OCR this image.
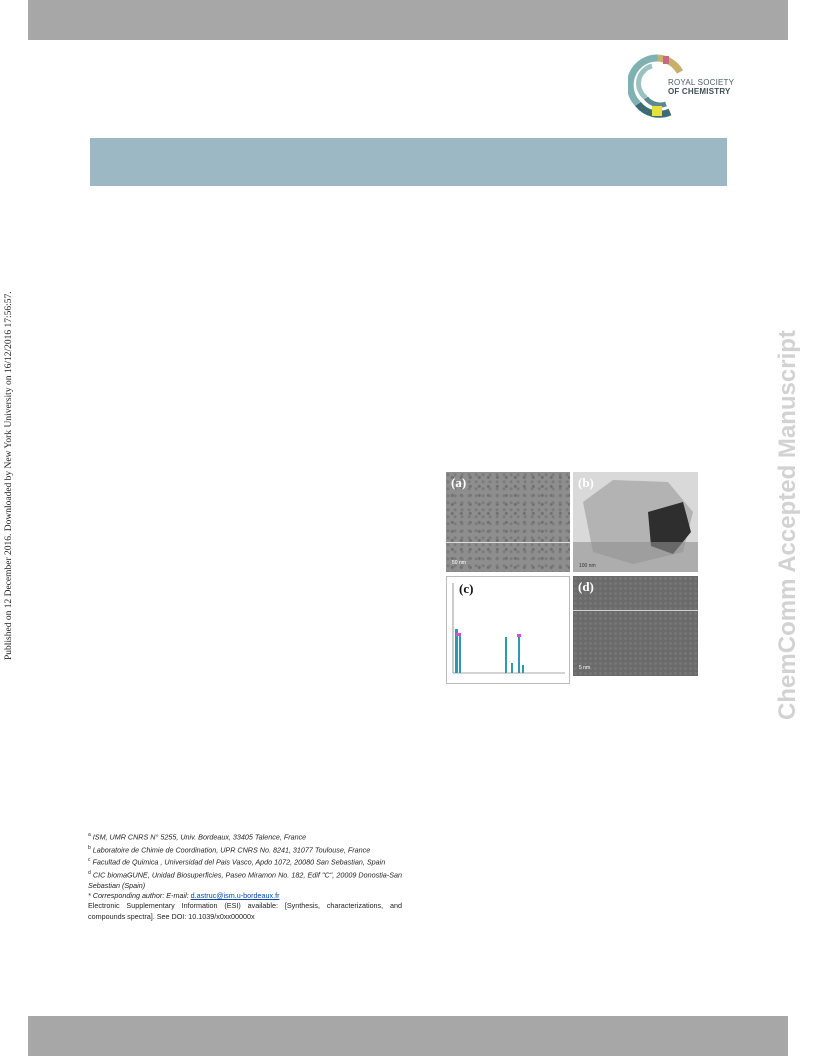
ROYAL SOCIETY
OF CHEMISTRY
Published on 12 December 2016. Downloaded by New York University on 16/12/2016 17:56:57.	ChemComm Accepted Manuscript
(a)
50 nm
(b)
100 nm
(c)	(d)
5 nm
$^a$ ISM, UMR CNRS N° 5255, Univ. Bordeaux, 33405 Talence, France
$^b$ Laboratoire de Chimie de Coordination, UPR CNRS No. 8241, 31077 Toulouse, France
$^c$ Facultad de Quimica , Universidad del Pais Vasco, Apdo 1072, 20080 San Sebastian, Spain
$^d$ CIC biomaGUNE, Unidad Biosuperficies, Paseo Miramon No. 182, Edif "C", 20009 Donostia-San Sebastian (Spain)
* Corresponding author: E-mail: d.astruc@ism.u-bordeaux.fr
Electronic Supplementary Information (ESI) available: [Synthesis, characterizations, and compounds spectra]. See DOI: 10.1039/x0xx00000x
